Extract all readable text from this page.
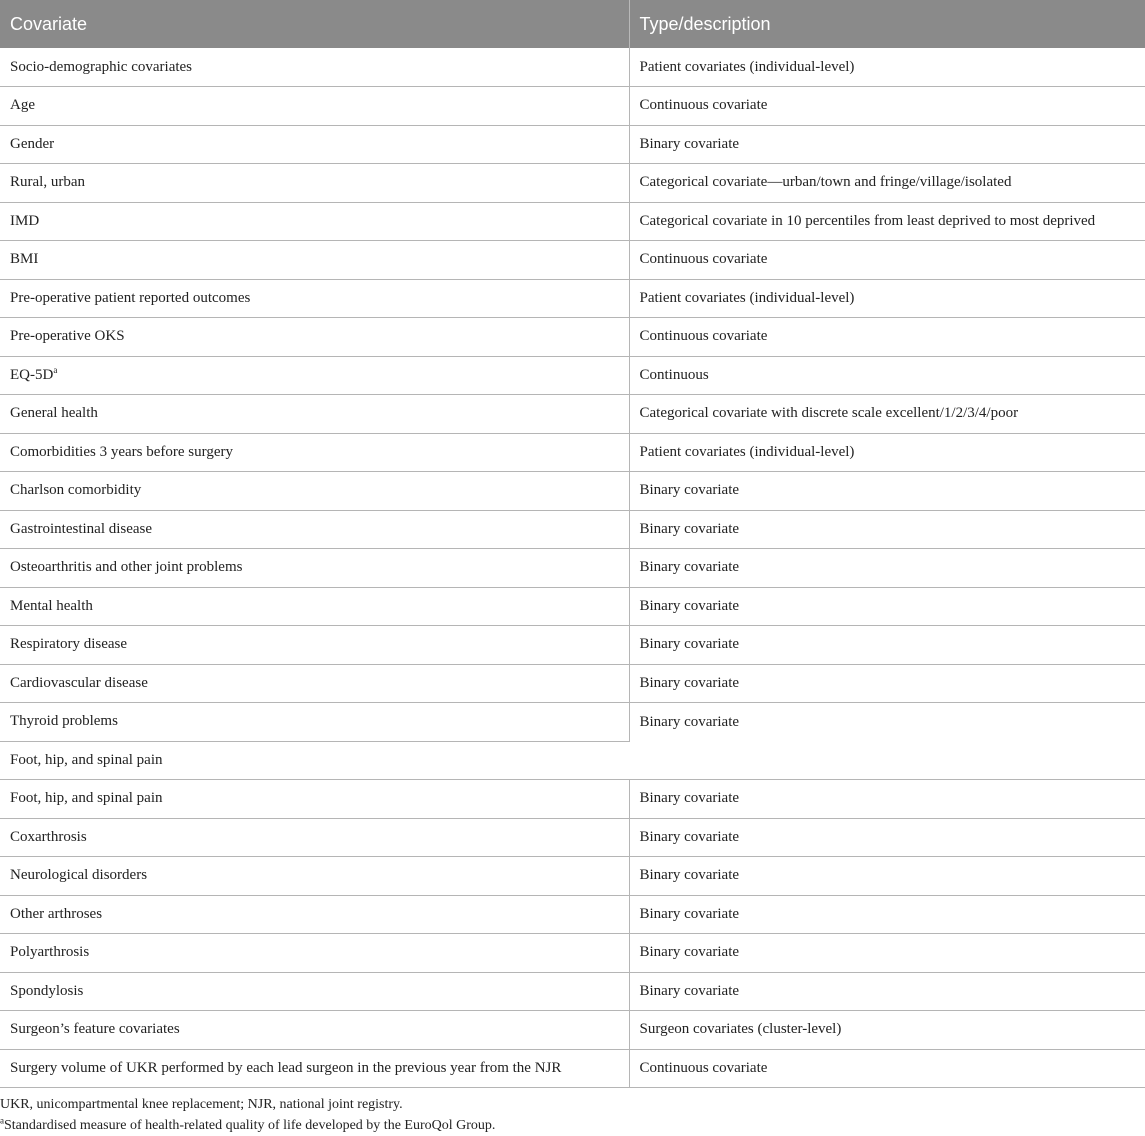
Covariate	Type/description
Socio-demographic covariates	Patient covariates (individual-level)
Age	Continuous covariate
Gender	Binary covariate
Rural, urban	Categorical covariate—urban/town and fringe/village/isolated
IMD	Categorical covariate in 10 percentiles from least deprived to most deprived
BMI	Continuous covariate
Pre-operative patient reported outcomes	Patient covariates (individual-level)
Pre-operative OKS	Continuous covariate
$EQ-5D^a$	Continuous
General health	Categorical covariate with discrete scale excellent/1/2/3/4/poor
Comorbidities 3 years before surgery	Patient covariates (individual-level)
Charlson comorbidity	Binary covariate
Gastrointestinal disease	Binary covariate
Osteoarthritis and other joint problems	Binary covariate
Mental health	Binary covariate
Respiratory disease	Binary covariate
Cardiovascular disease	Binary covariate
Thyroid problems	Binary covariate
Foot, hip, and spinal pain	
Foot, hip, and spinal pain	Binary covariate
Coxarthrosis	Binary covariate
Neurological disorders	Binary covariate
Other arthroses	Binary covariate
Polyarthrosis	Binary covariate
Spondylosis	Binary covariate
Surgeon’s feature covariates	Surgeon covariates (cluster-level)
Surgery volume of UKR performed by each lead surgeon in the previous year from the NJR	Continuous covariate

UKR, unicompartmental knee replacement; NJR, national joint registry.

$^a$Standardised measure of health-related quality of life developed by the EuroQol Group.
